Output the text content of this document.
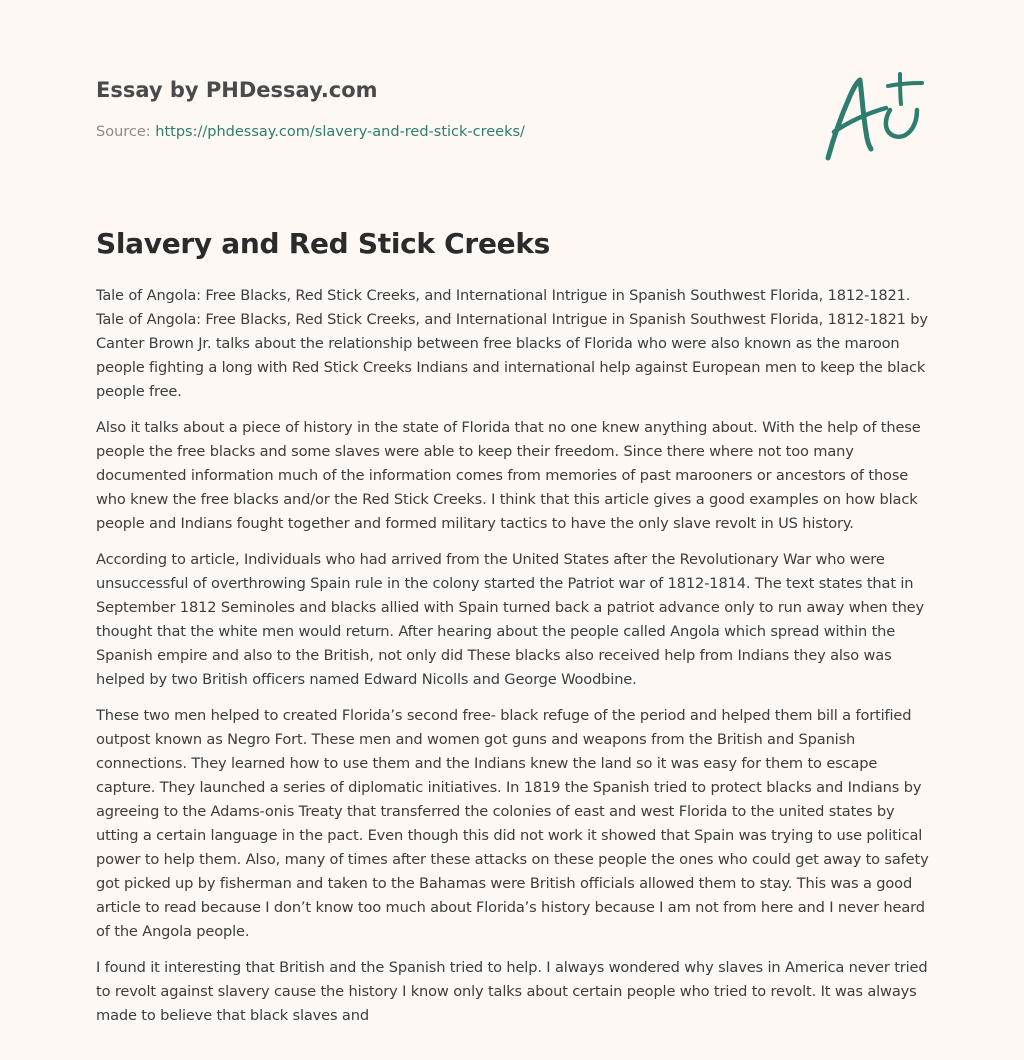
Essay by PHDessay.com
Source: https://phdessay.com/slavery-and-red-stick-creeks/
Slavery and Red Stick Creeks

Tale of Angola: Free Blacks, Red Stick Creeks, and International Intrigue in Spanish Southwest Florida, 1812-1821. Tale of Angola: Free Blacks, Red Stick Creeks, and International Intrigue in Spanish Southwest Florida, 1812-1821 by Canter Brown Jr. talks about the relationship between free blacks of Florida who were also known as the maroon people fighting a long with Red Stick Creeks Indians and international help against European men to keep the black people free.

Also it talks about a piece of history in the state of Florida that no one knew anything about. With the help of these people the free blacks and some slaves were able to keep their freedom. Since there where not too many documented information much of the information comes from memories of past marooners or ancestors of those who knew the free blacks and/or the Red Stick Creeks. I think that this article gives a good examples on how black people and Indians fought together and formed military tactics to have the only slave revolt in US history.

According to article, Individuals who had arrived from the United States after the Revolutionary War who were unsuccessful of overthrowing Spain rule in the colony started the Patriot war of 1812-1814. The text states that in September 1812 Seminoles and blacks allied with Spain turned back a patriot advance only to run away when they thought that the white men would return. After hearing about the people called Angola which spread within the Spanish empire and also to the British, not only did These blacks also received help from Indians they also was helped by two British officers named Edward Nicolls and George Woodbine.

These two men helped to created Florida’s second free- black refuge of the period and helped them bill a fortified outpost known as Negro Fort. These men and women got guns and weapons from the British and Spanish connections. They learned how to use them and the Indians knew the land so it was easy for them to escape capture. They launched a series of diplomatic initiatives. In 1819 the Spanish tried to protect blacks and Indians by agreeing to the Adams-onis Treaty that transferred the colonies of east and west Florida to the united states by utting a certain language in the pact. Even though this did not work it showed that Spain was trying to use political power to help them. Also, many of times after these attacks on these people the ones who could get away to safety got picked up by fisherman and taken to the Bahamas were British officials allowed them to stay. This was a good article to read because I don’t know too much about Florida’s history because I am not from here and I never heard of the Angola people.

I found it interesting that British and the Spanish tried to help. I always wondered why slaves in America never tried to revolt against slavery cause the history I know only talks about certain people who tried to revolt. It was always made to believe that black slaves and
